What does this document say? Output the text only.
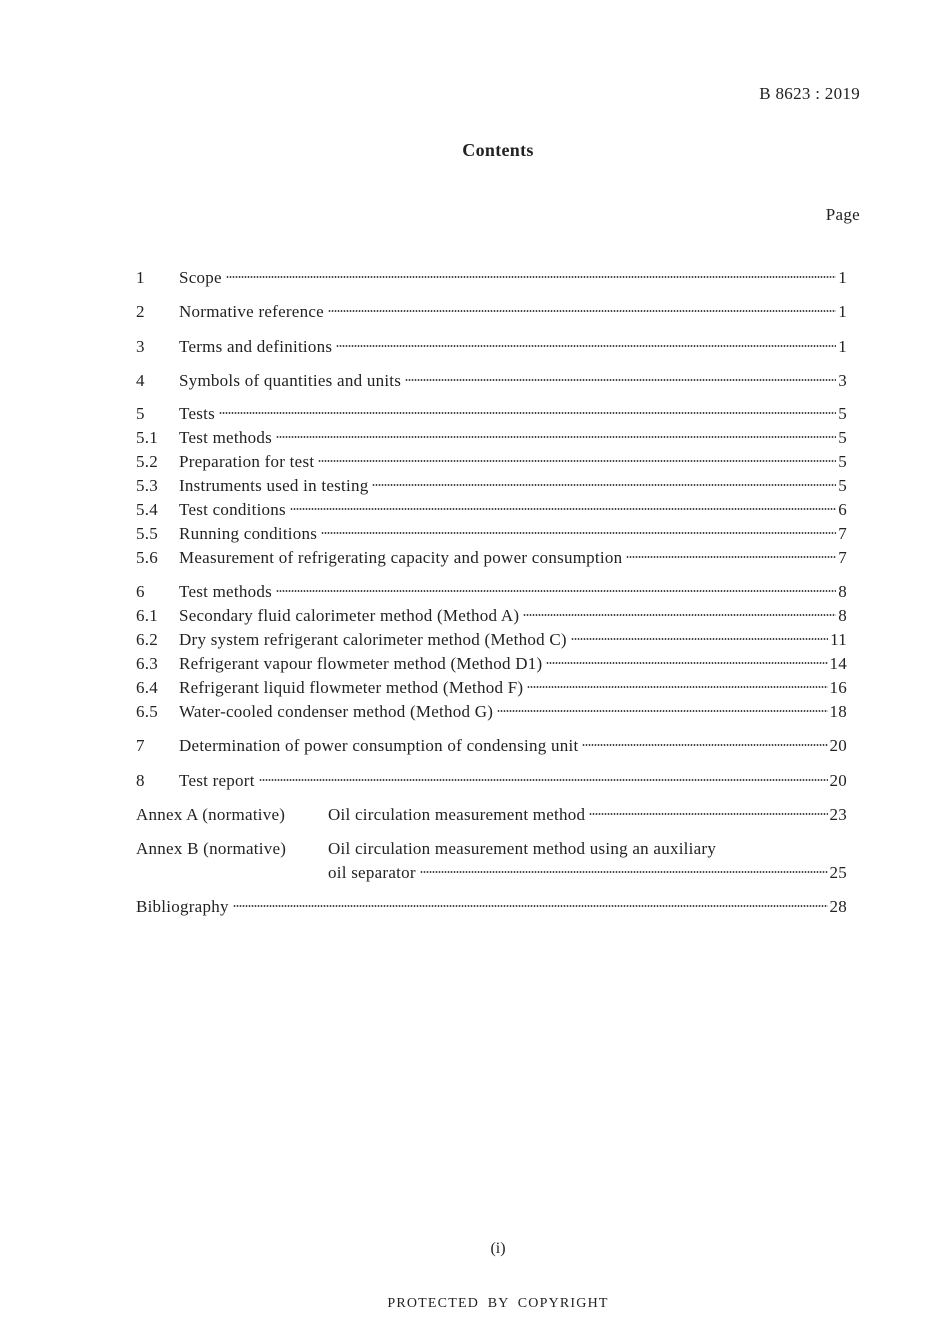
B 8623 : 2019
Contents
Page
1	Scope	1
2	Normative reference	1
3	Terms and definitions	1
4	Symbols of quantities and units	3
5	Tests	5
5.1	Test methods	5
5.2	Preparation for test	5
5.3	Instruments used in testing	5
5.4	Test conditions	6
5.5	Running conditions	7
5.6	Measurement of refrigerating capacity and power consumption	7
6	Test methods	8
6.1	Secondary fluid calorimeter method (Method A)	8
6.2	Dry system refrigerant calorimeter method (Method C)	11
6.3	Refrigerant vapour flowmeter method (Method D1)	14
6.4	Refrigerant liquid flowmeter method (Method F)	16
6.5	Water-cooled condenser method (Method G)	18
7	Determination of power consumption of condensing unit	20
8	Test report	20
Annex A (normative)	Oil circulation measurement method	23
Annex B (normative)	Oil circulation measurement method using an auxiliary
oil separator	25
Bibliography	28
(i)
PROTECTED BY COPYRIGHT
